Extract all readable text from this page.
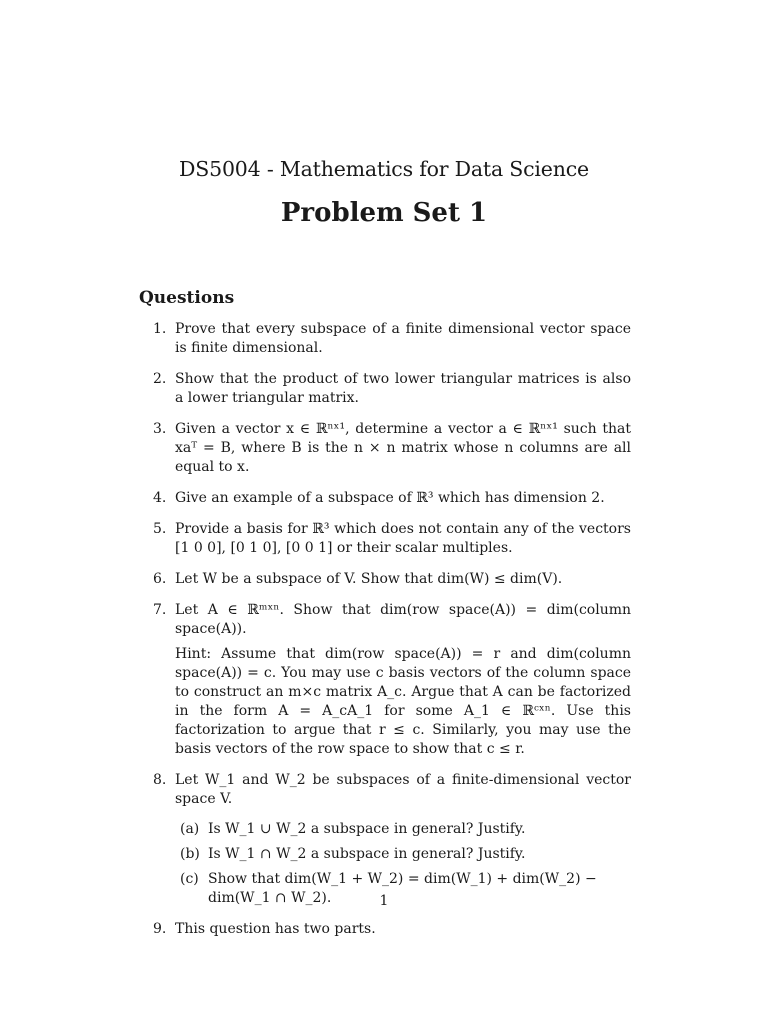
DS5004 - Mathematics for Data Science
Problem Set 1
Questions
1. Prove that every subspace of a finite dimensional vector space is finite dimensional.

2. Show that the product of two lower triangular matrices is also a lower triangular matrix.

3. Given a vector x ∈ ℝⁿˣ¹, determine a vector a ∈ ℝⁿˣ¹ such that xaᵀ = B, where B is the n × n matrix whose n columns are all equal to x.

4. Give an example of a subspace of ℝ³ which has dimension 2.

5. Provide a basis for ℝ³ which does not contain any of the vectors [1 0 0], [0 1 0], [0 0 1] or their scalar multiples.

6. Let W be a subspace of V. Show that dim(W) ≤ dim(V).

7. Let A ∈ ℝᵐˣⁿ. Show that dim(row space(A)) = dim(column space(A)).

Hint: Assume that dim(row space(A)) = r and dim(column space(A)) = c. You may use c basis vectors of the column space to construct an m×c matrix A_c. Argue that A can be factorized in the form A = A_cA_1 for some A_1 ∈ ℝᶜˣⁿ. Use this factorization to argue that r ≤ c. Similarly, you may use the basis vectors of the row space to show that c ≤ r.

8. Let W_1 and W_2 be subspaces of a finite-dimensional vector space V.

(a) Is W_1 ∪ W_2 a subspace in general? Justify.
(b) Is W_1 ∩ W_2 a subspace in general? Justify.
(c) Show that dim(W_1 + W_2) = dim(W_1) + dim(W_2) − dim(W_1 ∩ W_2).
9. This question has two parts.

1
